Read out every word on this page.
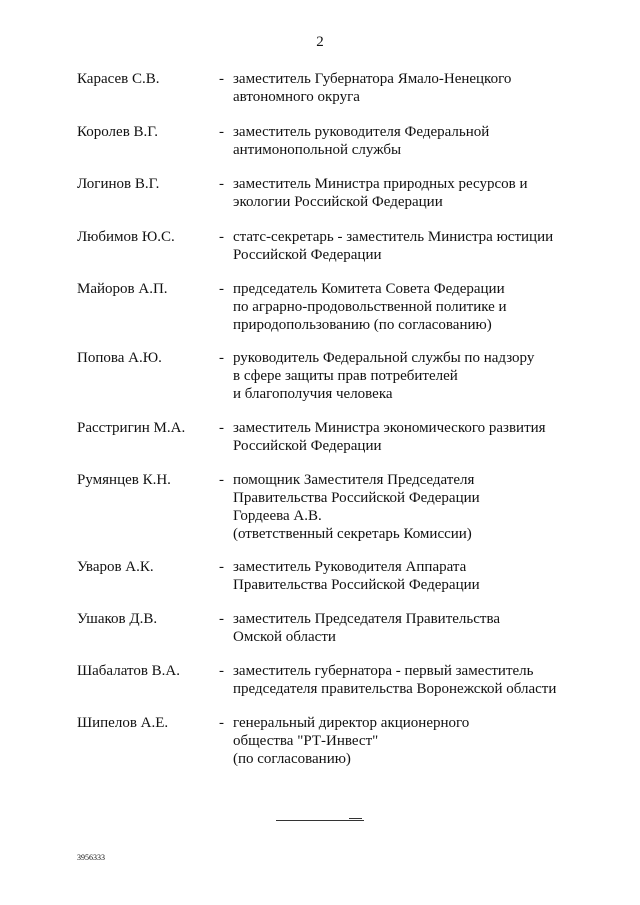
2
Карасев С.В.	- заместитель Губернатора Ямало-Ненецкого
автономного округа
Королев В.Г.	- заместитель руководителя Федеральной
антимонопольной службы
Логинов В.Г.	- заместитель Министра природных ресурсов и
экологии Российской Федерации
Любимов Ю.С.	- статс-секретарь - заместитель Министра юстиции
Российской Федерации
Майоров А.П.	- председатель Комитета Совета Федерации
по аграрно-продовольственной политике и
природопользованию (по согласованию)
Попова А.Ю.	- руководитель Федеральной службы по надзору
в сфере защиты прав потребителей
и благополучия человека
Расстригин М.А. - заместитель Министра экономического развития
Российской Федерации
Румянцев К.Н.	- помощник Заместителя Председателя
Правительства Российской Федерации
Гордеева А.В.
(ответственный секретарь Комиссии)
Уваров А.К.	- заместитель Руководителя Аппарата
Правительства Российской Федерации
Ушаков Д.В.	- заместитель Председателя Правительства
Омской области
Шабалатов В.А.	- заместитель губернатора - первый заместитель
председателя правительства Воронежской области
Шипелов А.Е.	- генеральный директор акционерного
общества "РТ-Инвест"
(по согласованию)
3956333
